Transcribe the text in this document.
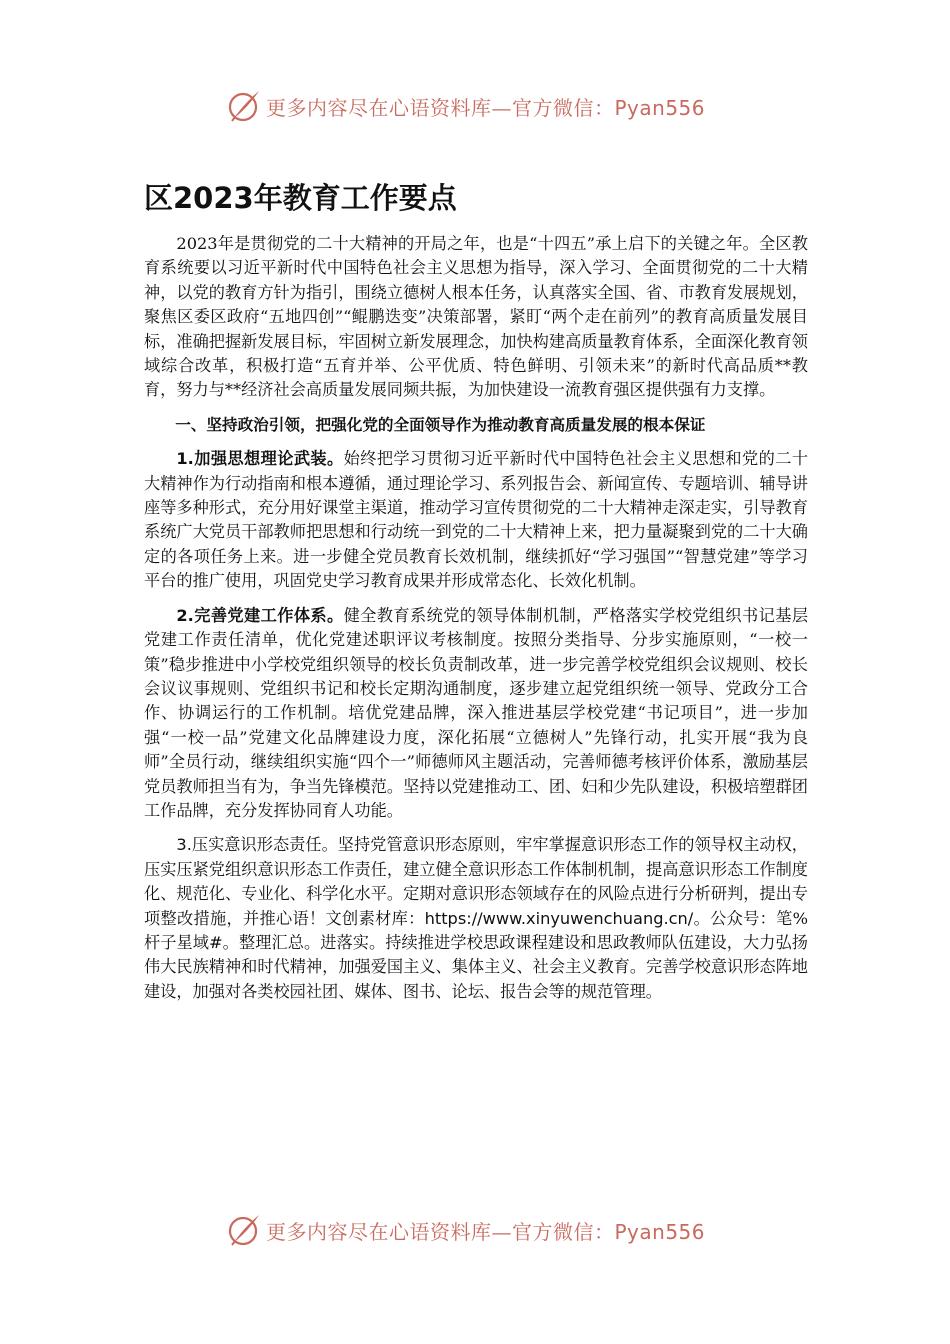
更多内容尽在心语资料库—官方微信：Pyan556
区2023年教育工作要点

2023年是贯彻党的二十大精神的开局之年，也是“十四五”承上启下的关键之年。全区教育系统要以习近平新时代中国特色社会主义思想为指导，深入学习、全面贯彻党的二十大精神，以党的教育方针为指引，围绕立德树人根本任务，认真落实全国、省、市教育发展规划，聚焦区委区政府“五地四创”“鲲鹏迭变”决策部署，紧盯“两个走在前列”的教育高质量发展目标，准确把握新发展目标，牢固树立新发展理念，加快构建高质量教育体系，全面深化教育领域综合改革，积极打造“五育并举、公平优质、特色鲜明、引领未来”的新时代高品质**教育，努力与**经济社会高质量发展同频共振，为加快建设一流教育强区提供强有力支撑。

一、坚持政治引领，把强化党的全面领导作为推动教育高质量发展的根本保证

1.加强思想理论武装。始终把学习贯彻习近平新时代中国特色社会主义思想和党的二十大精神作为行动指南和根本遵循，通过理论学习、系列报告会、新闻宣传、专题培训、辅导讲座等多种形式，充分用好课堂主渠道，推动学习宣传贯彻党的二十大精神走深走实，引导教育系统广大党员干部教师把思想和行动统一到党的二十大精神上来，把力量凝聚到党的二十大确定的各项任务上来。进一步健全党员教育长效机制，继续抓好“学习强国”“智慧党建”等学习平台的推广使用，巩固党史学习教育成果并形成常态化、长效化机制。

2.完善党建工作体系。健全教育系统党的领导体制机制，严格落实学校党组织书记基层党建工作责任清单，优化党建述职评议考核制度。按照分类指导、分步实施原则，“一校一策”稳步推进中小学校党组织领导的校长负责制改革，进一步完善学校党组织会议规则、校长会议议事规则、党组织书记和校长定期沟通制度，逐步建立起党组织统一领导、党政分工合作、协调运行的工作机制。培优党建品牌，深入推进基层学校党建“书记项目”，进一步加强“一校一品”党建文化品牌建设力度，深化拓展“立德树人”先锋行动，扎实开展“我为良师”全员行动，继续组织实施“四个一”师德师风主题活动，完善师德考核评价体系，激励基层党员教师担当有为，争当先锋模范。坚持以党建推动工、团、妇和少先队建设，积极培塑群团工作品牌，充分发挥协同育人功能。

3.压实意识形态责任。坚持党管意识形态原则，牢牢掌握意识形态工作的领导权主动权，压实压紧党组织意识形态工作责任，建立健全意识形态工作体制机制，提高意识形态工作制度化、规范化、专业化、科学化水平。定期对意识形态领域存在的风险点进行分析研判，提出专项整改措施，并推心语！文创素材库：https://www.xinyuwenchuang.cn/。公众号：笔%杆子星域#。整理汇总。进落实。持续推进学校思政课程建设和思政教师队伍建设，大力弘扬伟大民族精神和时代精神，加强爱国主义、集体主义、社会主义教育。完善学校意识形态阵地建设，加强对各类校园社团、媒体、图书、论坛、报告会等的规范管理。

更多内容尽在心语资料库—官方微信：Pyan556
